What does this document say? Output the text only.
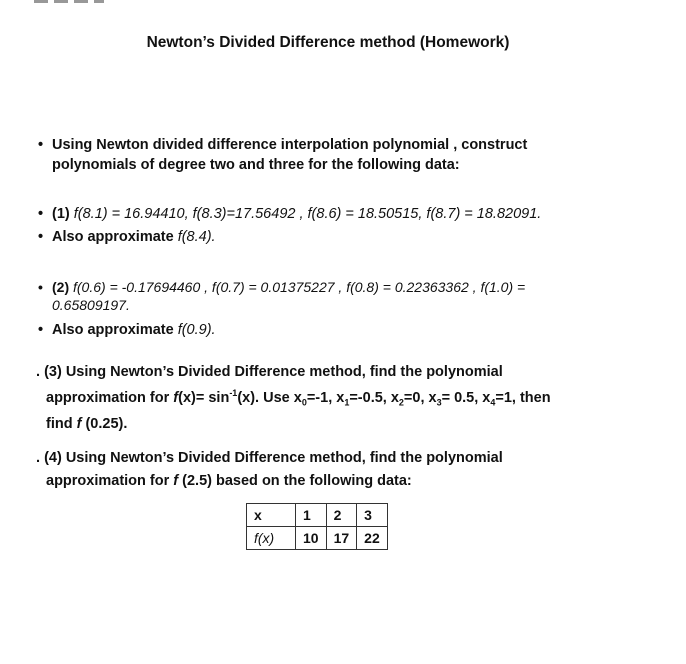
Newton’s Divided Difference method (Homework)
• Using Newton divided difference interpolation polynomial , construct
polynomials of degree two and three for the following data:
• (1) f(8.1) = 16.94410, f(8.3)=17.56492 , f(8.6) = 18.50515, f(8.7) = 18.82091.
• Also approximate f(8.4).
• (2) f(0.6) = -0.17694460 , f(0.7) = 0.01375227 , f(0.8) = 0.22363362 , f(1.0) =
0.65809197.
• Also approximate f(0.9).
. (3) Using Newton’s Divided Difference method, find the polynomial
approximation for $f(x)= \sin^{-1}(x)$. Use $x_0=-1$, $x_1=-0.5$, $x_2=0$, $x_3= 0.5$, $x_4=1$, then
find f (0.25).
. (4) Using Newton’s Divided Difference method, find the polynomial
approximation for f (2.5) based on the following data:
x	1	2	3
f(x)	10	17	22
